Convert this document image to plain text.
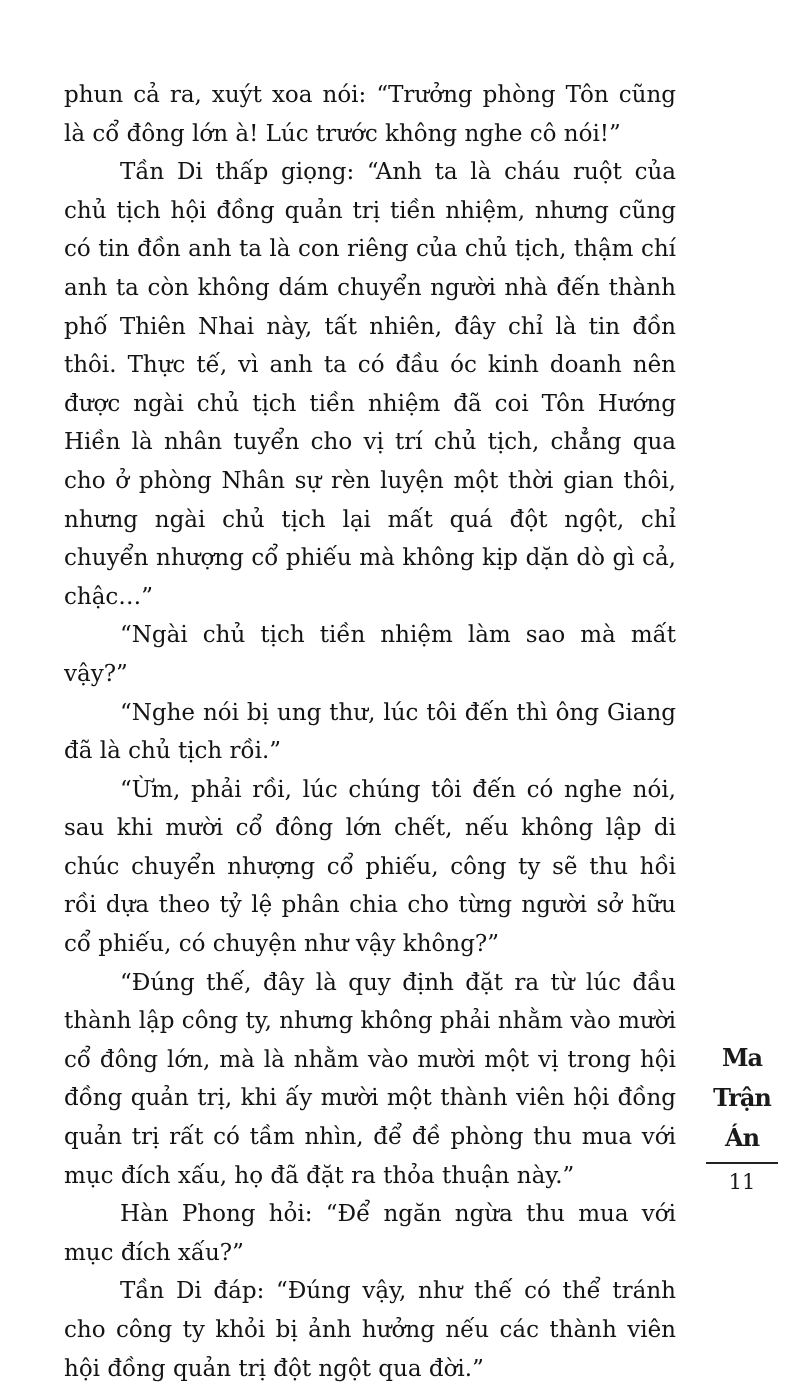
phun cả ra, xuýt xoa nói: “Trưởng phòng Tôn cũng là cổ đông lớn à! Lúc trước không nghe cô nói!”

Tần Di thấp giọng: “Anh ta là cháu ruột của chủ tịch hội đồng quản trị tiền nhiệm, nhưng cũng có tin đồn anh ta là con riêng của chủ tịch, thậm chí anh ta còn không dám chuyển người nhà đến thành phố Thiên Nhai này, tất nhiên, đây chỉ là tin đồn thôi. Thực tế, vì anh ta có đầu óc kinh doanh nên được ngài chủ tịch tiền nhiệm đã coi Tôn Hướng Hiền là nhân tuyển cho vị trí chủ tịch, chẳng qua cho ở phòng Nhân sự rèn luyện một thời gian thôi, nhưng ngài chủ tịch lại mất quá đột ngột, chỉ chuyển nhượng cổ phiếu mà không kịp dặn dò gì cả, chậc…”

“Ngài chủ tịch tiền nhiệm làm sao mà mất vậy?”

“Nghe nói bị ung thư, lúc tôi đến thì ông Giang đã là chủ tịch rồi.”

“Ừm, phải rồi, lúc chúng tôi đến có nghe nói, sau khi mười cổ đông lớn chết, nếu không lập di chúc chuyển nhượng cổ phiếu, công ty sẽ thu hồi rồi dựa theo tỷ lệ phân chia cho từng người sở hữu cổ phiếu, có chuyện như vậy không?”

“Đúng thế, đây là quy định đặt ra từ lúc đầu thành lập công ty, nhưng không phải nhằm vào mười cổ đông lớn, mà là nhằm vào mười một vị trong hội đồng quản trị, khi ấy mười một thành viên hội đồng quản trị rất có tầm nhìn, để đề phòng thu mua với mục đích xấu, họ đã đặt ra thỏa thuận này.”

Hàn Phong hỏi: “Để ngăn ngừa thu mua với mục đích xấu?”

Tần Di đáp: “Đúng vậy, như thế có thể tránh cho công ty khỏi bị ảnh hưởng nếu các thành viên hội đồng quản trị đột ngột qua đời.”

Ma
Trận
Án
11
